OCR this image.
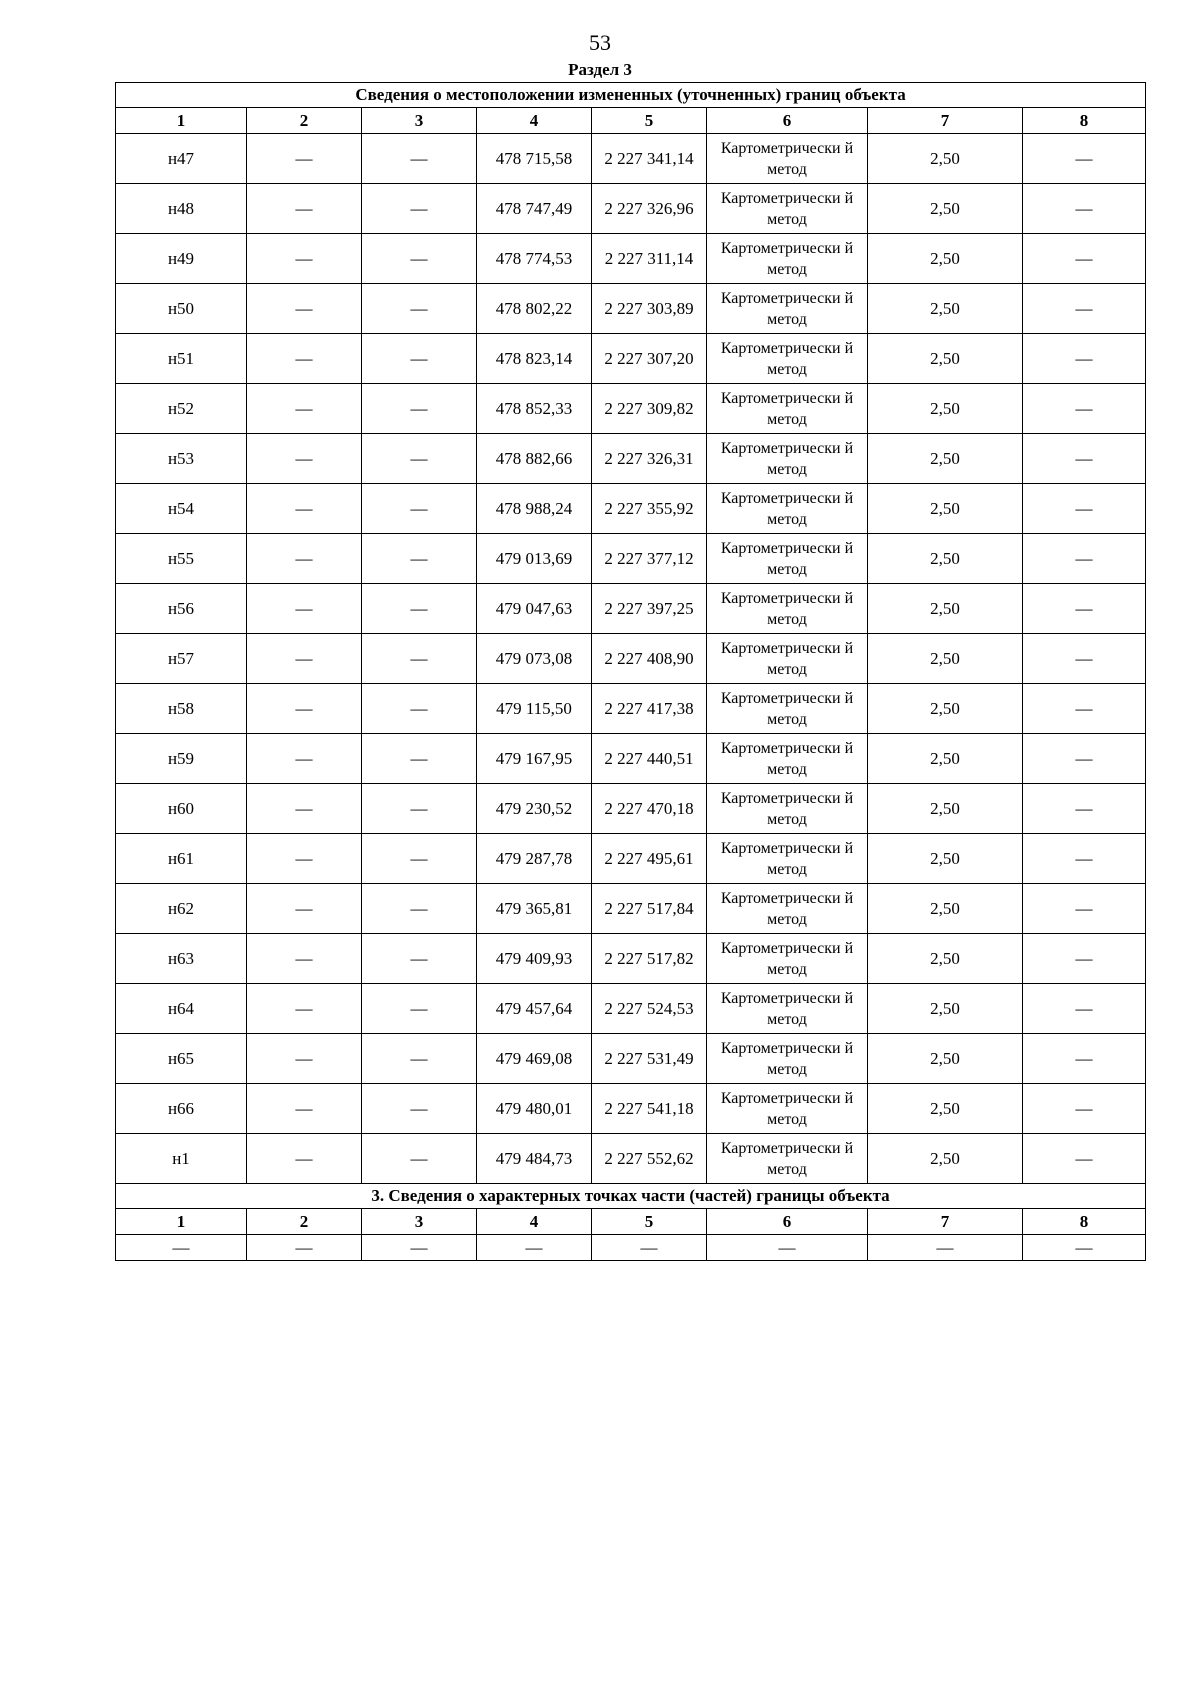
53
Раздел 3
Сведения о местоположении измененных (уточненных) границ объекта							
1	2	3	4	5	6	7	8
н47	—	—	478 715,58	2 227 341,14	Картометрически й метод	2,50	—
н48	—	—	478 747,49	2 227 326,96	Картометрически й метод	2,50	—
н49	—	—	478 774,53	2 227 311,14	Картометрически й метод	2,50	—
н50	—	—	478 802,22	2 227 303,89	Картометрически й метод	2,50	—
н51	—	—	478 823,14	2 227 307,20	Картометрически й метод	2,50	—
н52	—	—	478 852,33	2 227 309,82	Картометрически й метод	2,50	—
н53	—	—	478 882,66	2 227 326,31	Картометрически й метод	2,50	—
н54	—	—	478 988,24	2 227 355,92	Картометрически й метод	2,50	—
н55	—	—	479 013,69	2 227 377,12	Картометрически й метод	2,50	—
н56	—	—	479 047,63	2 227 397,25	Картометрически й метод	2,50	—
н57	—	—	479 073,08	2 227 408,90	Картометрически й метод	2,50	—
н58	—	—	479 115,50	2 227 417,38	Картометрически й метод	2,50	—
н59	—	—	479 167,95	2 227 440,51	Картометрически й метод	2,50	—
н60	—	—	479 230,52	2 227 470,18	Картометрически й метод	2,50	—
н61	—	—	479 287,78	2 227 495,61	Картометрически й метод	2,50	—
н62	—	—	479 365,81	2 227 517,84	Картометрически й метод	2,50	—
н63	—	—	479 409,93	2 227 517,82	Картометрически й метод	2,50	—
н64	—	—	479 457,64	2 227 524,53	Картометрически й метод	2,50	—
н65	—	—	479 469,08	2 227 531,49	Картометрически й метод	2,50	—
н66	—	—	479 480,01	2 227 541,18	Картометрически й метод	2,50	—
н1	—	—	479 484,73	2 227 552,62	Картометрически й метод	2,50	—
3. Сведения о характерных точках части (частей) границы объекта							
1	2	3	4	5	6	7	8
—	—	—	—	—	—	—	—
